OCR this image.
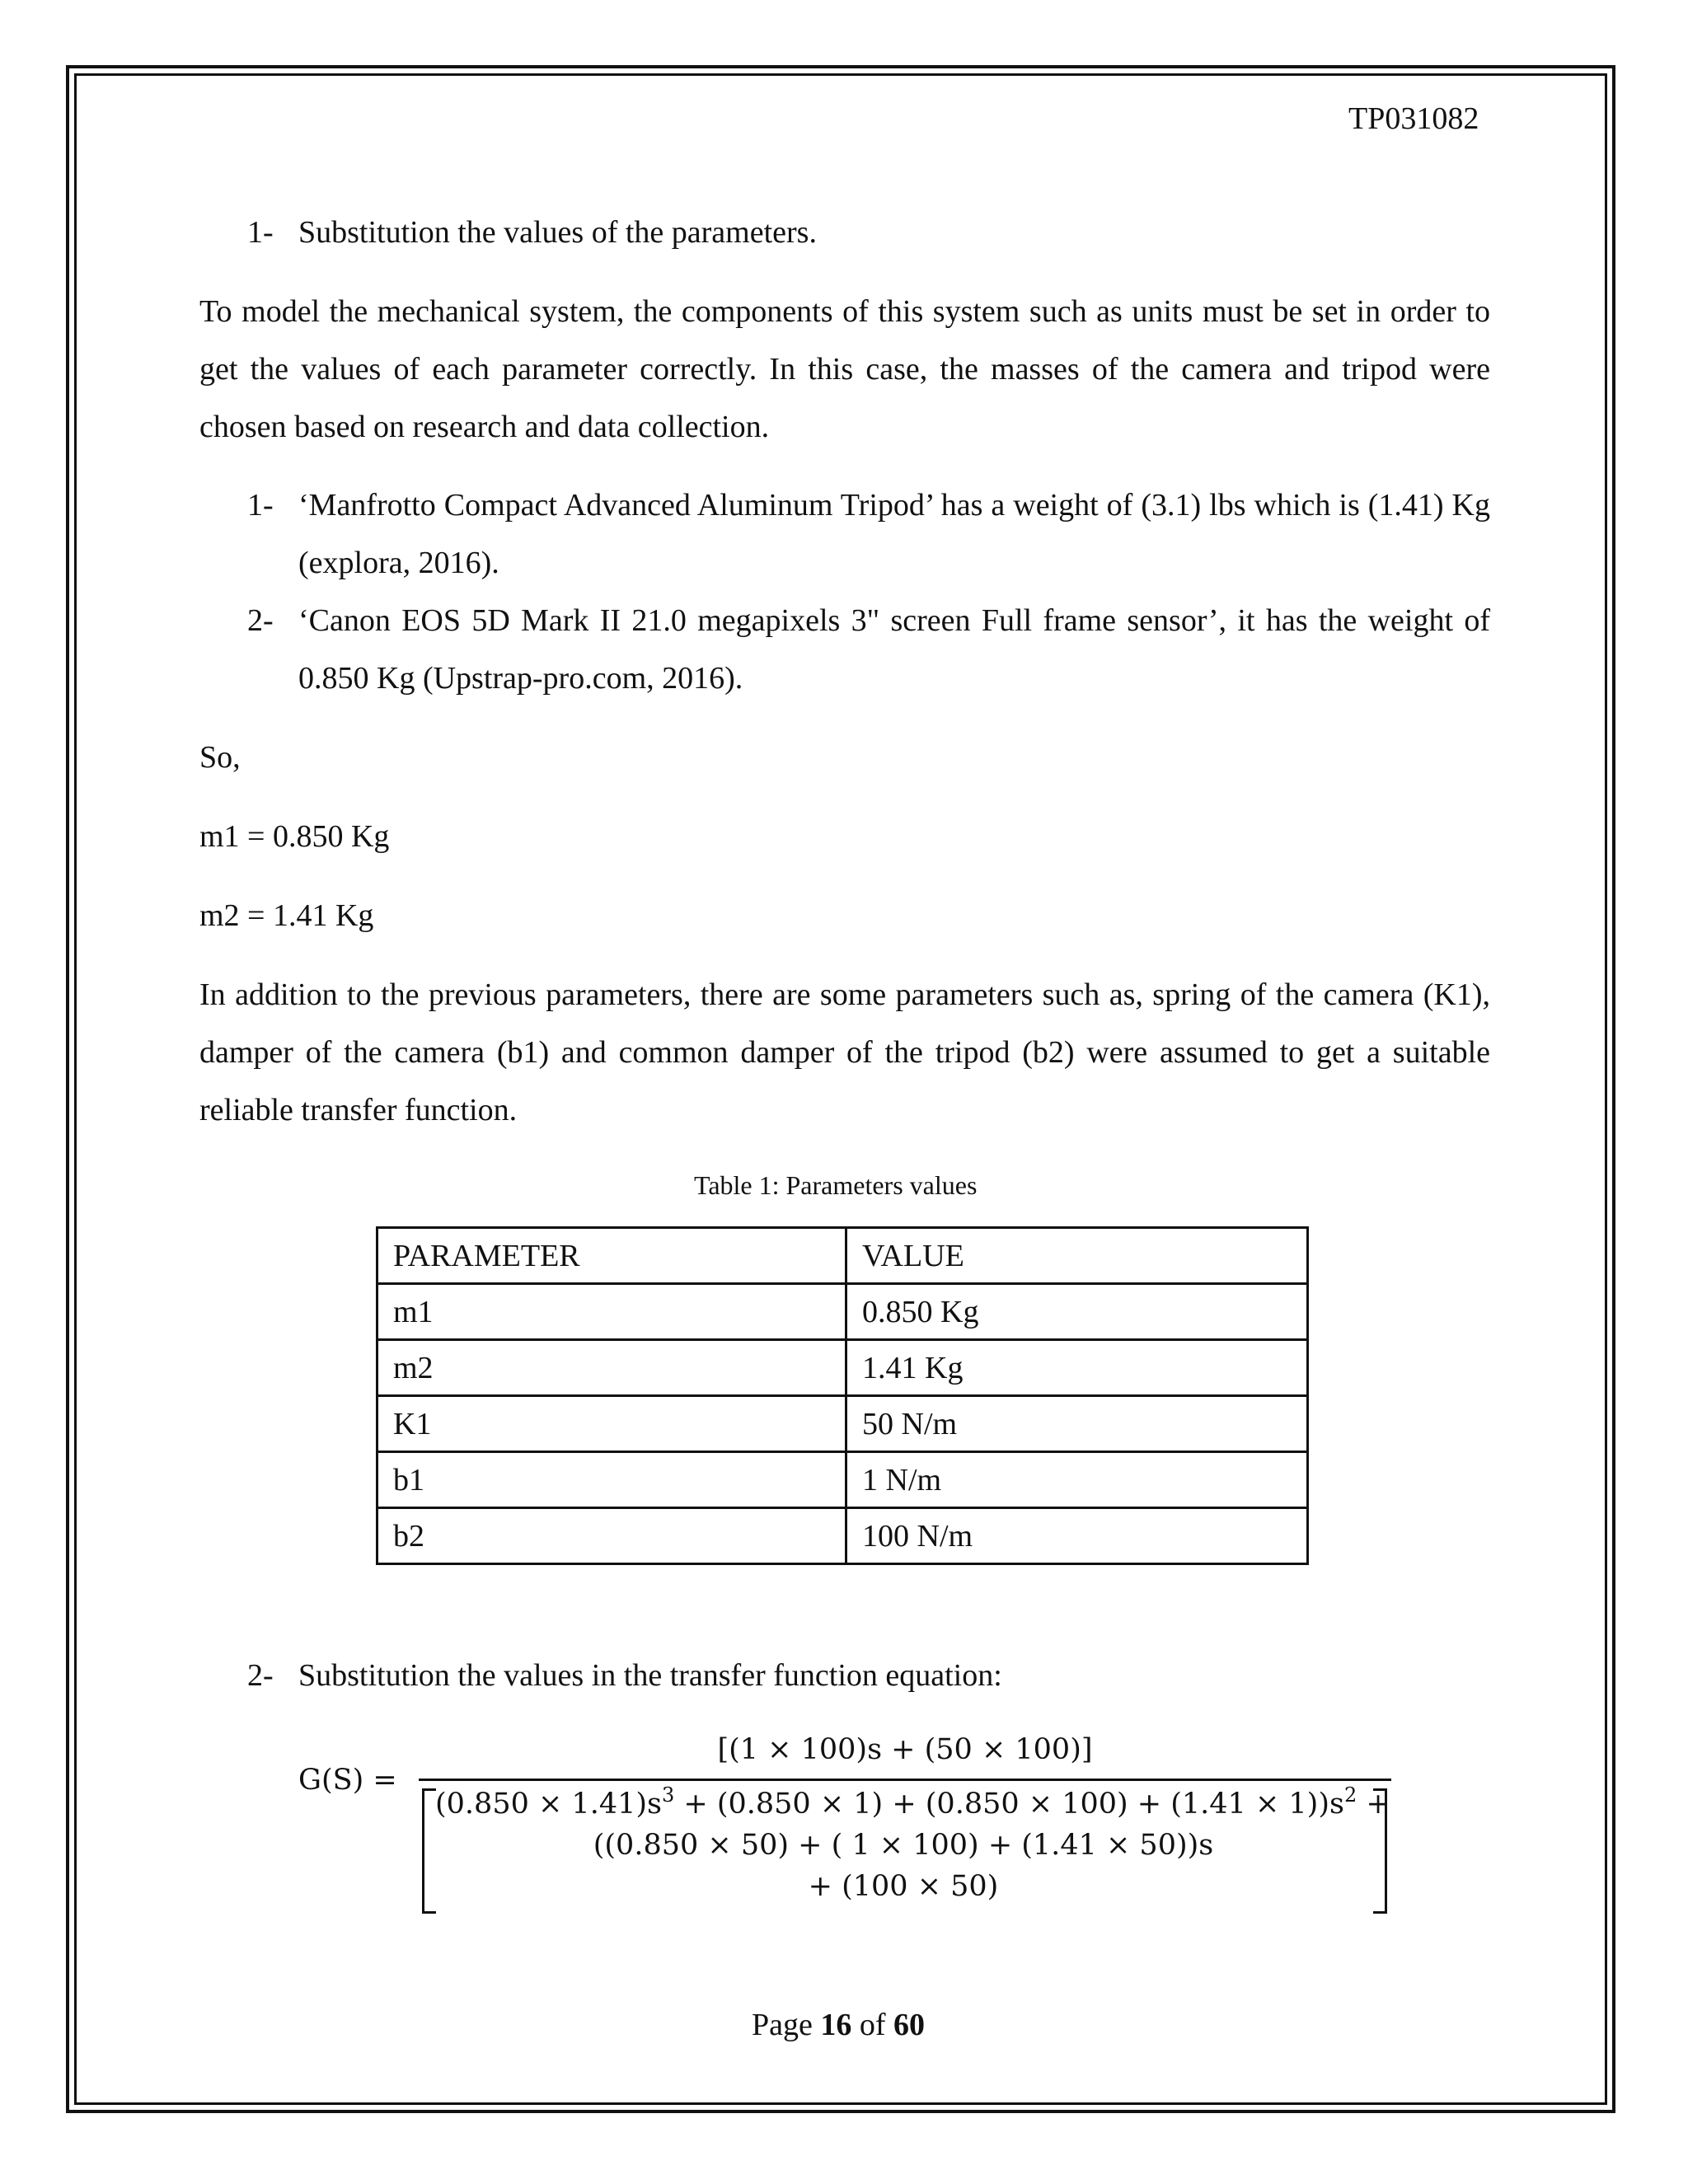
TP031082
1- Substitution the values of the parameters.
To model the mechanical system, the components of this system such as units must be set in order to get the values of each parameter correctly. In this case, the masses of the camera and tripod were chosen based on research and data collection.
1- ‘Manfrotto Compact Advanced Aluminum Tripod’ has a weight of (3.1) lbs which is (1.41) Kg (explora, 2016).
2- ‘Canon EOS 5D Mark II 21.0 megapixels 3" screen Full frame sensor’, it has the weight of 0.850 Kg (Upstrap-pro.com, 2016).
So,
m1 = 0.850 Kg
m2 = 1.41 Kg
In addition to the previous parameters, there are some parameters such as, spring of the camera (K1), damper of the camera (b1) and common damper of the tripod (b2) were assumed to get a suitable reliable transfer function.
Table 1: Parameters values
PARAMETER	VALUE
m1	0.850 Kg
m2	1.41 Kg
K1	50 N/m
b1	1 N/m
b2	100 N/m
2- Substitution the values in the transfer function equation:
G(S) =
[(1 × 100)s + (50 × 100)]
$(0.850 \times 1.41)s^3 + (0.850 \times 1) + (0.850 \times 100) + (1.41 \times 1))s^2$ +
((0.850 × 50) + ( 1 × 100) + (1.41 × 50))s
+ (100 × 50)
Page 16 of 60
